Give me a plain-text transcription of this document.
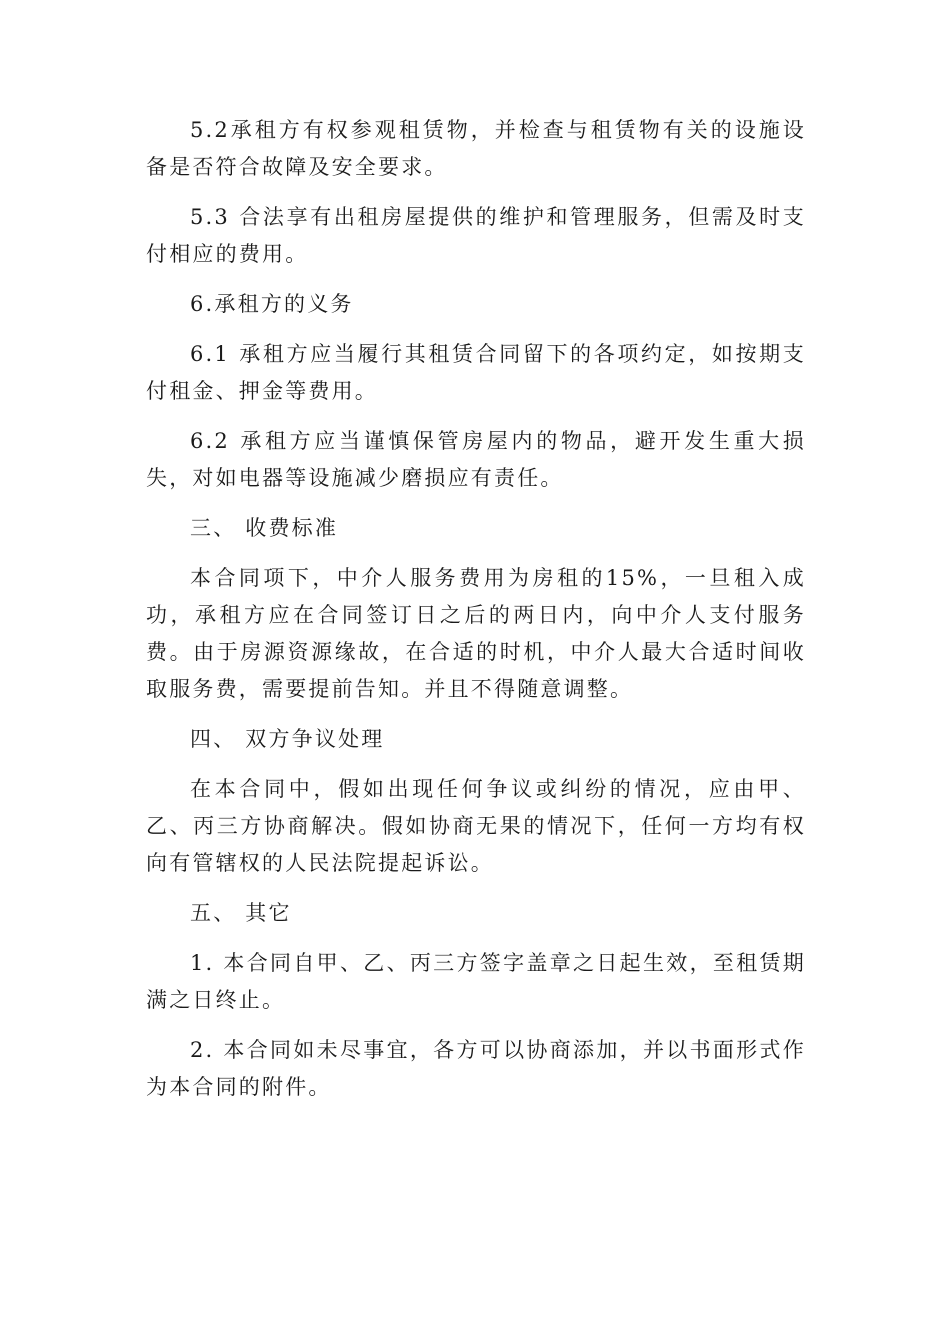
5.2承租方有权参观租赁物，并检查与租赁物有关的设施设备是否符合故障及安全要求。

5.3 合法享有出租房屋提供的维护和管理服务，但需及时支付相应的费用。

6.承租方的义务

6.1 承租方应当履行其租赁合同留下的各项约定，如按期支付租金、押金等费用。

6.2 承租方应当谨慎保管房屋内的物品，避开发生重大损失，对如电器等设施减少磨损应有责任。

三、 收费标准

本合同项下，中介人服务费用为房租的15%，一旦租入成功，承租方应在合同签订日之后的两日内，向中介人支付服务费。由于房源资源缘故，在合适的时机，中介人最大合适时间收取服务费，需要提前告知。并且不得随意调整。

四、 双方争议处理

在本合同中，假如出现任何争议或纠纷的情况，应由甲、乙、丙三方协商解决。假如协商无果的情况下，任何一方均有权向有管辖权的人民法院提起诉讼。

五、 其它

1. 本合同自甲、乙、丙三方签字盖章之日起生效，至租赁期满之日终止。

2. 本合同如未尽事宜，各方可以协商添加，并以书面形式作为本合同的附件。
